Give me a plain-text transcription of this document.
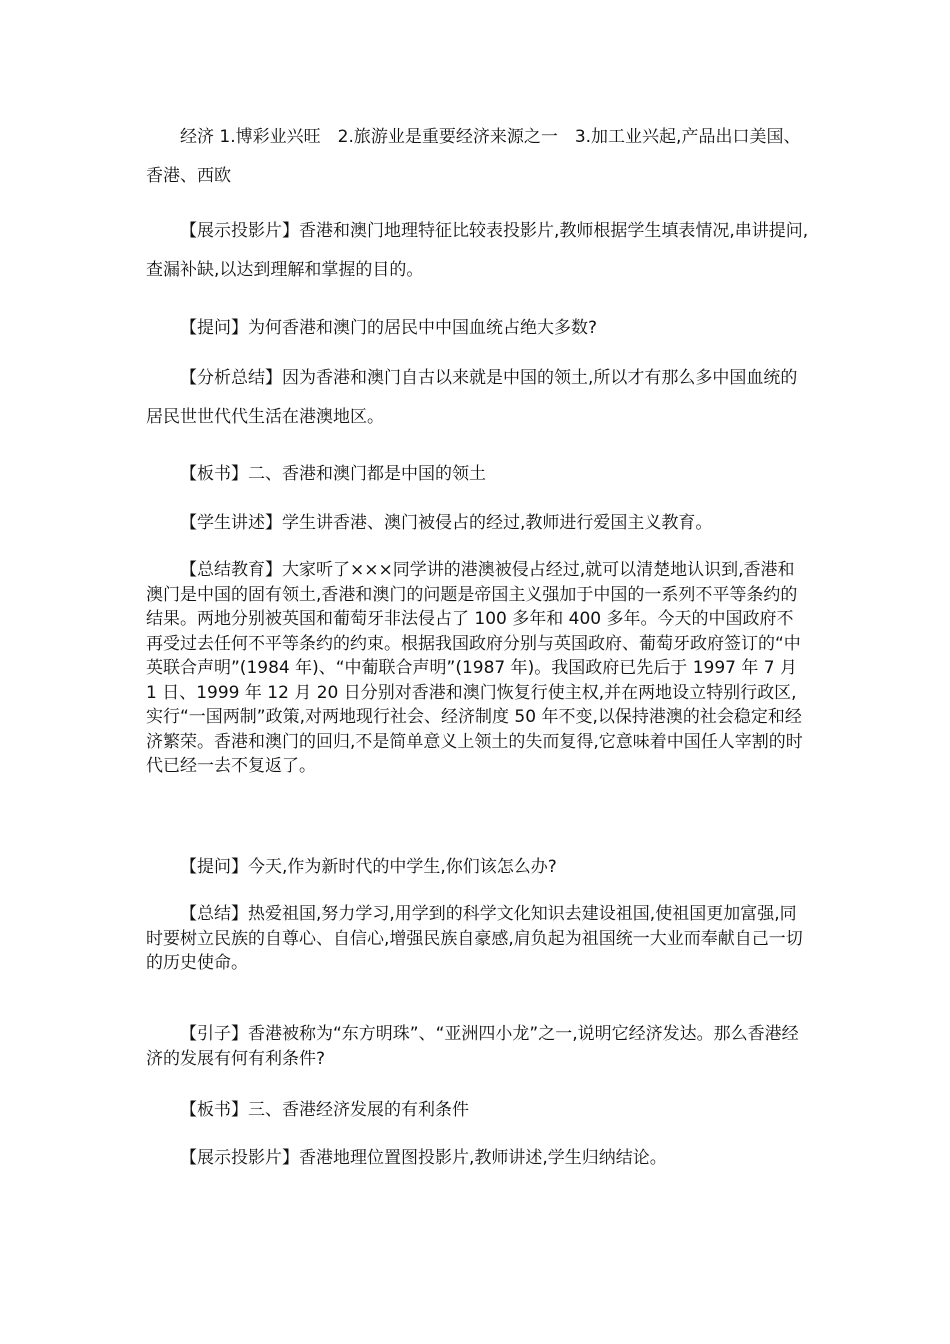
经济 1.博彩业兴旺　2.旅游业是重要经济来源之一　3.加工业兴起,产品出口美国、香港、西欧

【展示投影片】香港和澳门地理特征比较表投影片,教师根据学生填表情况,串讲提问,查漏补缺,以达到理解和掌握的目的。

【提问】为何香港和澳门的居民中中国血统占绝大多数?

【分析总结】因为香港和澳门自古以来就是中国的领土,所以才有那么多中国血统的居民世世代代生活在港澳地区。

【板书】二、香港和澳门都是中国的领土

【学生讲述】学生讲香港、澳门被侵占的经过,教师进行爱国主义教育。

【总结教育】大家听了×××同学讲的港澳被侵占经过,就可以清楚地认识到,香港和澳门是中国的固有领土,香港和澳门的问题是帝国主义强加于中国的一系列不平等条约的结果。两地分别被英国和葡萄牙非法侵占了 100 多年和 400 多年。今天的中国政府不再受过去任何不平等条约的约束。根据我国政府分别与英国政府、葡萄牙政府签订的“中英联合声明”(1984 年)、“中葡联合声明”(1987 年)。我国政府已先后于 1997 年 7 月 1 日、1999 年 12 月 20 日分别对香港和澳门恢复行使主权,并在两地设立特别行政区,实行“一国两制”政策,对两地现行社会、经济制度 50 年不变,以保持港澳的社会稳定和经济繁荣。香港和澳门的回归,不是简单意义上领土的失而复得,它意味着中国任人宰割的时代已经一去不复返了。

【提问】今天,作为新时代的中学生,你们该怎么办?

【总结】热爱祖国,努力学习,用学到的科学文化知识去建设祖国,使祖国更加富强,同时要树立民族的自尊心、自信心,增强民族自豪感,肩负起为祖国统一大业而奉献自己一切的历史使命。

【引子】香港被称为“东方明珠”、“亚洲四小龙”之一,说明它经济发达。那么香港经济的发展有何有利条件?

【板书】三、香港经济发展的有利条件

【展示投影片】香港地理位置图投影片,教师讲述,学生归纳结论。
